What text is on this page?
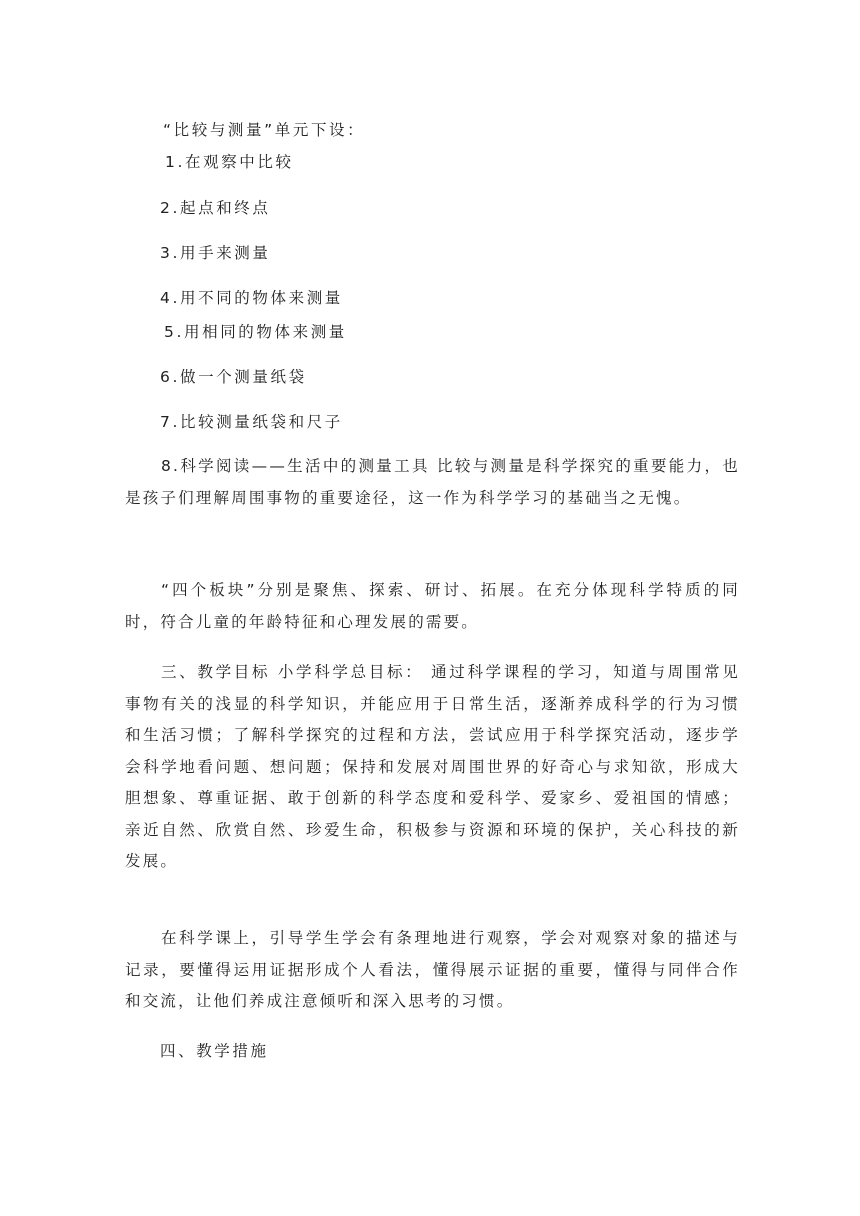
“比较与测量”单元下设：
1.在观察中比较
2.起点和终点
3.用手来测量
4.用不同的物体来测量
5.用相同的物体来测量
6.做一个测量纸袋
7.比较测量纸袋和尺子
8.科学阅读——生活中的测量工具 比较与测量是科学探究的重要能力，也是孩子们理解周围事物的重要途径，这一作为科学学习的基础当之无愧。
“四个板块”分别是聚焦、探索、研讨、拓展。在充分体现科学特质的同时，符合儿童的年龄特征和心理发展的需要。
三、教学目标 小学科学总目标： 通过科学课程的学习，知道与周围常见事物有关的浅显的科学知识，并能应用于日常生活，逐渐养成科学的行为习惯和生活习惯；了解科学探究的过程和方法，尝试应用于科学探究活动，逐步学会科学地看问题、想问题；保持和发展对周围世界的好奇心与求知欲，形成大胆想象、尊重证据、敢于创新的科学态度和爱科学、爱家乡、爱祖国的情感；亲近自然、欣赏自然、珍爱生命，积极参与资源和环境的保护，关心科技的新发展。
在科学课上，引导学生学会有条理地进行观察，学会对观察对象的描述与记录，要懂得运用证据形成个人看法，懂得展示证据的重要，懂得与同伴合作和交流，让他们养成注意倾听和深入思考的习惯。
四、教学措施
